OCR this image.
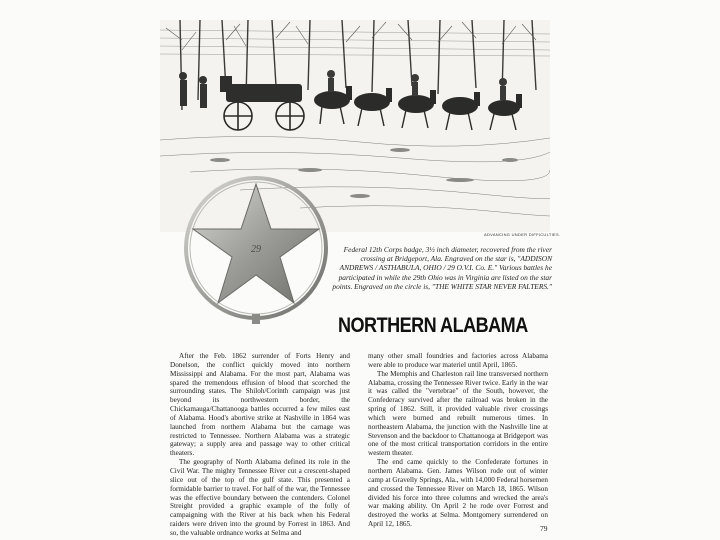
ADVANCING UNDER DIFFICULTIES.
29	Federal 12th Corps badge, 3½ inch diameter, recovered from the river crossing at Bridgeport, Ala. Engraved on the star is, "ADDISON ANDREWS / ASTHABULA, OHIO / 29 O.V.I. Co. E." Various battles he participated in while the 29th Ohio was in Virginia are listed on the star points. Engraved on the circle is, "THE WHITE STAR NEVER FALTERS."
NORTHERN ALABAMA

After the Feb. 1862 surrender of Forts Henry and Donelson, the conflict quickly moved into northern Mississippi and Alabama. For the most part, Alabama was spared the tremendous effusion of blood that scorched the surrounding states. The Shiloh/Corinth campaign was just beyond its northwestern border, the Chickamauga/Chattanooga battles occurred a few miles east of Alabama. Hood's abortive strike at Nashville in 1864 was launched from northern Alabama but the carnage was restricted to Tennessee. Northern Alabama was a strategic gateway; a supply area and passage way to other critical theaters.

The geography of North Alabama defined its role in the Civil War. The mighty Tennessee River cut a crescent-shaped slice out of the top of the gulf state. This presented a formidable barrier to travel. For half of the war, the Tennessee was the effective boundary between the contenders. Colonel Streight provided a graphic example of the folly of campaigning with the River at his back when his Federal raiders were driven into the ground by Forrest in 1863. And so, the valuable ordnance works at Selma and

many other small foundries and factories across Alabama were able to produce war materiel until April, 1865.

The Memphis and Charleston rail line transversed northern Alabama, crossing the Tennessee River twice. Early in the war it was called the "vertebrae" of the South, however, the Confederacy survived after the railroad was broken in the spring of 1862. Still, it provided valuable river crossings which were burned and rebuilt numerous times. In northeastern Alabama, the junction with the Nashville line at Stevenson and the backdoor to Chattanooga at Bridgeport was one of the most critical transportation corridors in the entire western theater.

The end came quickly to the Confederate fortunes in northern Alabama. Gen. James Wilson rode out of winter camp at Gravelly Springs, Ala., with 14,000 Federal horsemen and crossed the Tennessee River on March 18, 1865. Wilson divided his force into three columns and wrecked the area's war making ability. On April 2 he rode over Forrest and destroyed the works at Selma. Montgomery surrendered on April 12, 1865.	79
